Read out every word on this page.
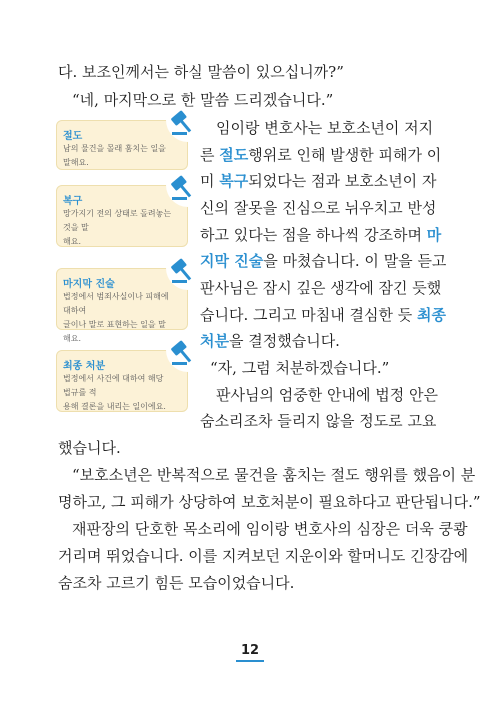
다. 보조인께서는 하실 말씀이 있으십니까?”
“네, 마지막으로 한 말씀 드리겠습니다.”
임이랑 변호사는 보호소년이 저지
른 절도행위로 인해 발생한 피해가 이
미 복구되었다는 점과 보호소년이 자
신의 잘못을 진심으로 뉘우치고 반성
하고 있다는 점을 하나씩 강조하며 마
지막 진술을 마쳤습니다. 이 말을 듣고
판사님은 잠시 깊은 생각에 잠긴 듯했
습니다. 그리고 마침내 결심한 듯 최종
처분을 결정했습니다.
“자, 그럼 처분하겠습니다.”
판사님의 엄중한 안내에 법정 안은
숨소리조차 들리지 않을 정도로 고요
했습니다.
“보호소년은 반복적으로 물건을 훔치는 절도 행위를 했음이 분
명하고, 그 피해가 상당하여 보호처분이 필요하다고 판단됩니다.”
재판장의 단호한 목소리에 임이랑 변호사의 심장은 더욱 쿵쾅
거리며 뛰었습니다. 이를 지켜보던 지운이와 할머니도 긴장감에
숨조차 고르기 힘든 모습이었습니다.
절도
남의 물건을 몰래 훔치는 일을 말해요.
복구
망가지기 전의 상태로 돌려놓는 것을 말
해요.
마지막 진술
법정에서 범죄사실이나 피해에 대하여
글이나 말로 표현하는 일을 말해요.
최종 처분
법정에서 사건에 대하여 해당 법규를 적
용해 결론을 내리는 일이에요.
12
